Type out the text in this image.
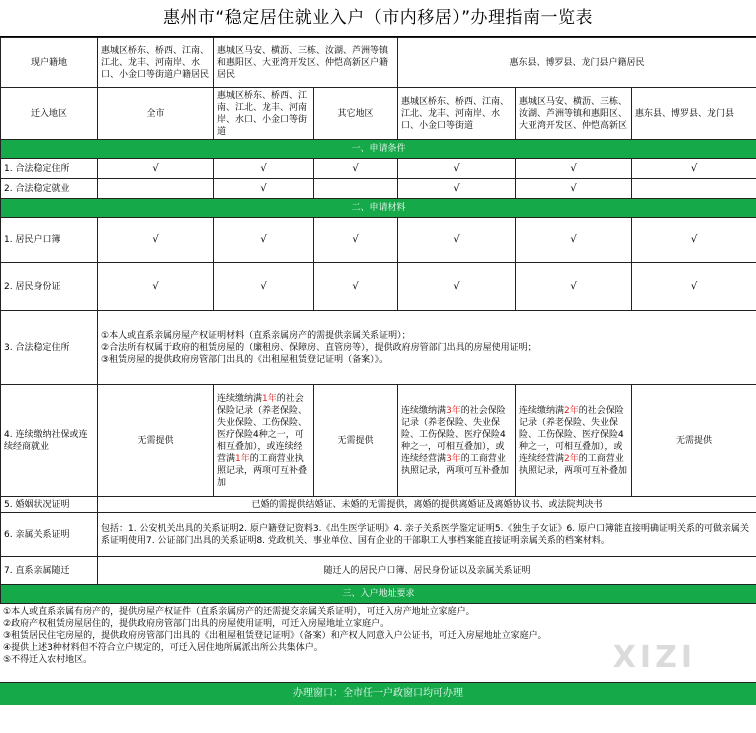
惠州市“稳定居住就业入户（市内移居）”办理指南一览表
现户籍地	惠城区桥东、桥西、江南、江北、龙丰、河南岸、水口、小金口等街道户籍居民	惠城区马安、横沥、三栋、汝湖、芦洲等镇和惠阳区、大亚湾开发区、仲恺高新区户籍居民		惠东县、博罗县、龙门县户籍居民		
迁入地区	全市	惠城区桥东、桥西、江南、江北、龙丰、河南岸、水口、小金口等街道	其它地区	惠城区桥东、桥西、江南、江北、龙丰、河南岸、水口、小金口等街道	惠城区马安、横沥、三栋、汝湖、芦洲等镇和惠阳区、大亚湾开发区、仲恺高新区	惠东县、博罗县、龙门县
一、申请条件						
1. 合法稳定住所	√	√	√	√	√	√
2. 合法稳定就业		√		√	√	
二、申请材料						
1. 居民户口簿	√	√	√	√	√	√
2. 居民身份证	√	√	√	√	√	√
3. 合法稳定住所	①本人或直系亲属房屋产权证明材料（直系亲属房产的需提供亲属关系证明）；
②合法所有权属于政府的租赁房屋的（廉租房、保障房、直管房等），提供政府房管部门出具的房屋使用证明；
③租赁房屋的提供政府房管部门出具的《出租屋租赁登记证明（备案）》。					

4. 连续缴纳社保或连续经商就业	无需提供	连续缴纳满1年的社会保险记录（养老保险、失业保险、工伤保险、医疗保险4种之一，可相互叠加），或连续经营满1年的工商营业执照记录，两项可互补叠加	无需提供	连续缴纳满3年的社会保险记录（养老保险、失业保险、工伤保险、医疗保险4种之一，可相互叠加），或连续经营满3年的工商营业执照记录，两项可互补叠加	连续缴纳满2年的社会保险记录（养老保险、失业保险、工伤保险、医疗保险4种之一，可相互叠加），或连续经营满2年的工商营业执照记录，两项可互补叠加	无需提供
5. 婚姻状况证明	已婚的需提供结婚证、未婚的无需提供，离婚的提供离婚证及离婚协议书、或法院判决书					
6. 亲属关系证明	包括：1. 公安机关出具的关系证明2. 原户籍登记资料3.《出生医学证明》4. 亲子关系医学鉴定证明5.《独生子女证》6. 原户口簿能直接明确证明关系的可做亲属关系证明使用7. 公证部门出具的关系证明8. 党政机关、事业单位、国有企业的干部职工人事档案能直接证明亲属关系的档案材料。					
7. 直系亲属随迁	随迁人的居民户口簿、居民身份证以及亲属关系证明					
三、入户地址要求						
①本人或直系亲属有房产的，提供房屋产权证件（直系亲属房产的还需提交亲属关系证明），可迁入房产地址立家庭户。
②政府产权租赁房屋居住的，提供政府房管部门出具的房屋使用证明，可迁入房屋地址立家庭户。
③租赁居民住宅房屋的，提供政府房管部门出具的《出租屋租赁登记证明》（备案）和产权人同意入户公证书，可迁入房屋地址立家庭户。
④提供上述3种材料但不符合立户规定的，可迁入居住地所属派出所公共集体户。
⑤不得迁入农村地区。
办理窗口：全市任一户政窗口均可办理
XIZI
